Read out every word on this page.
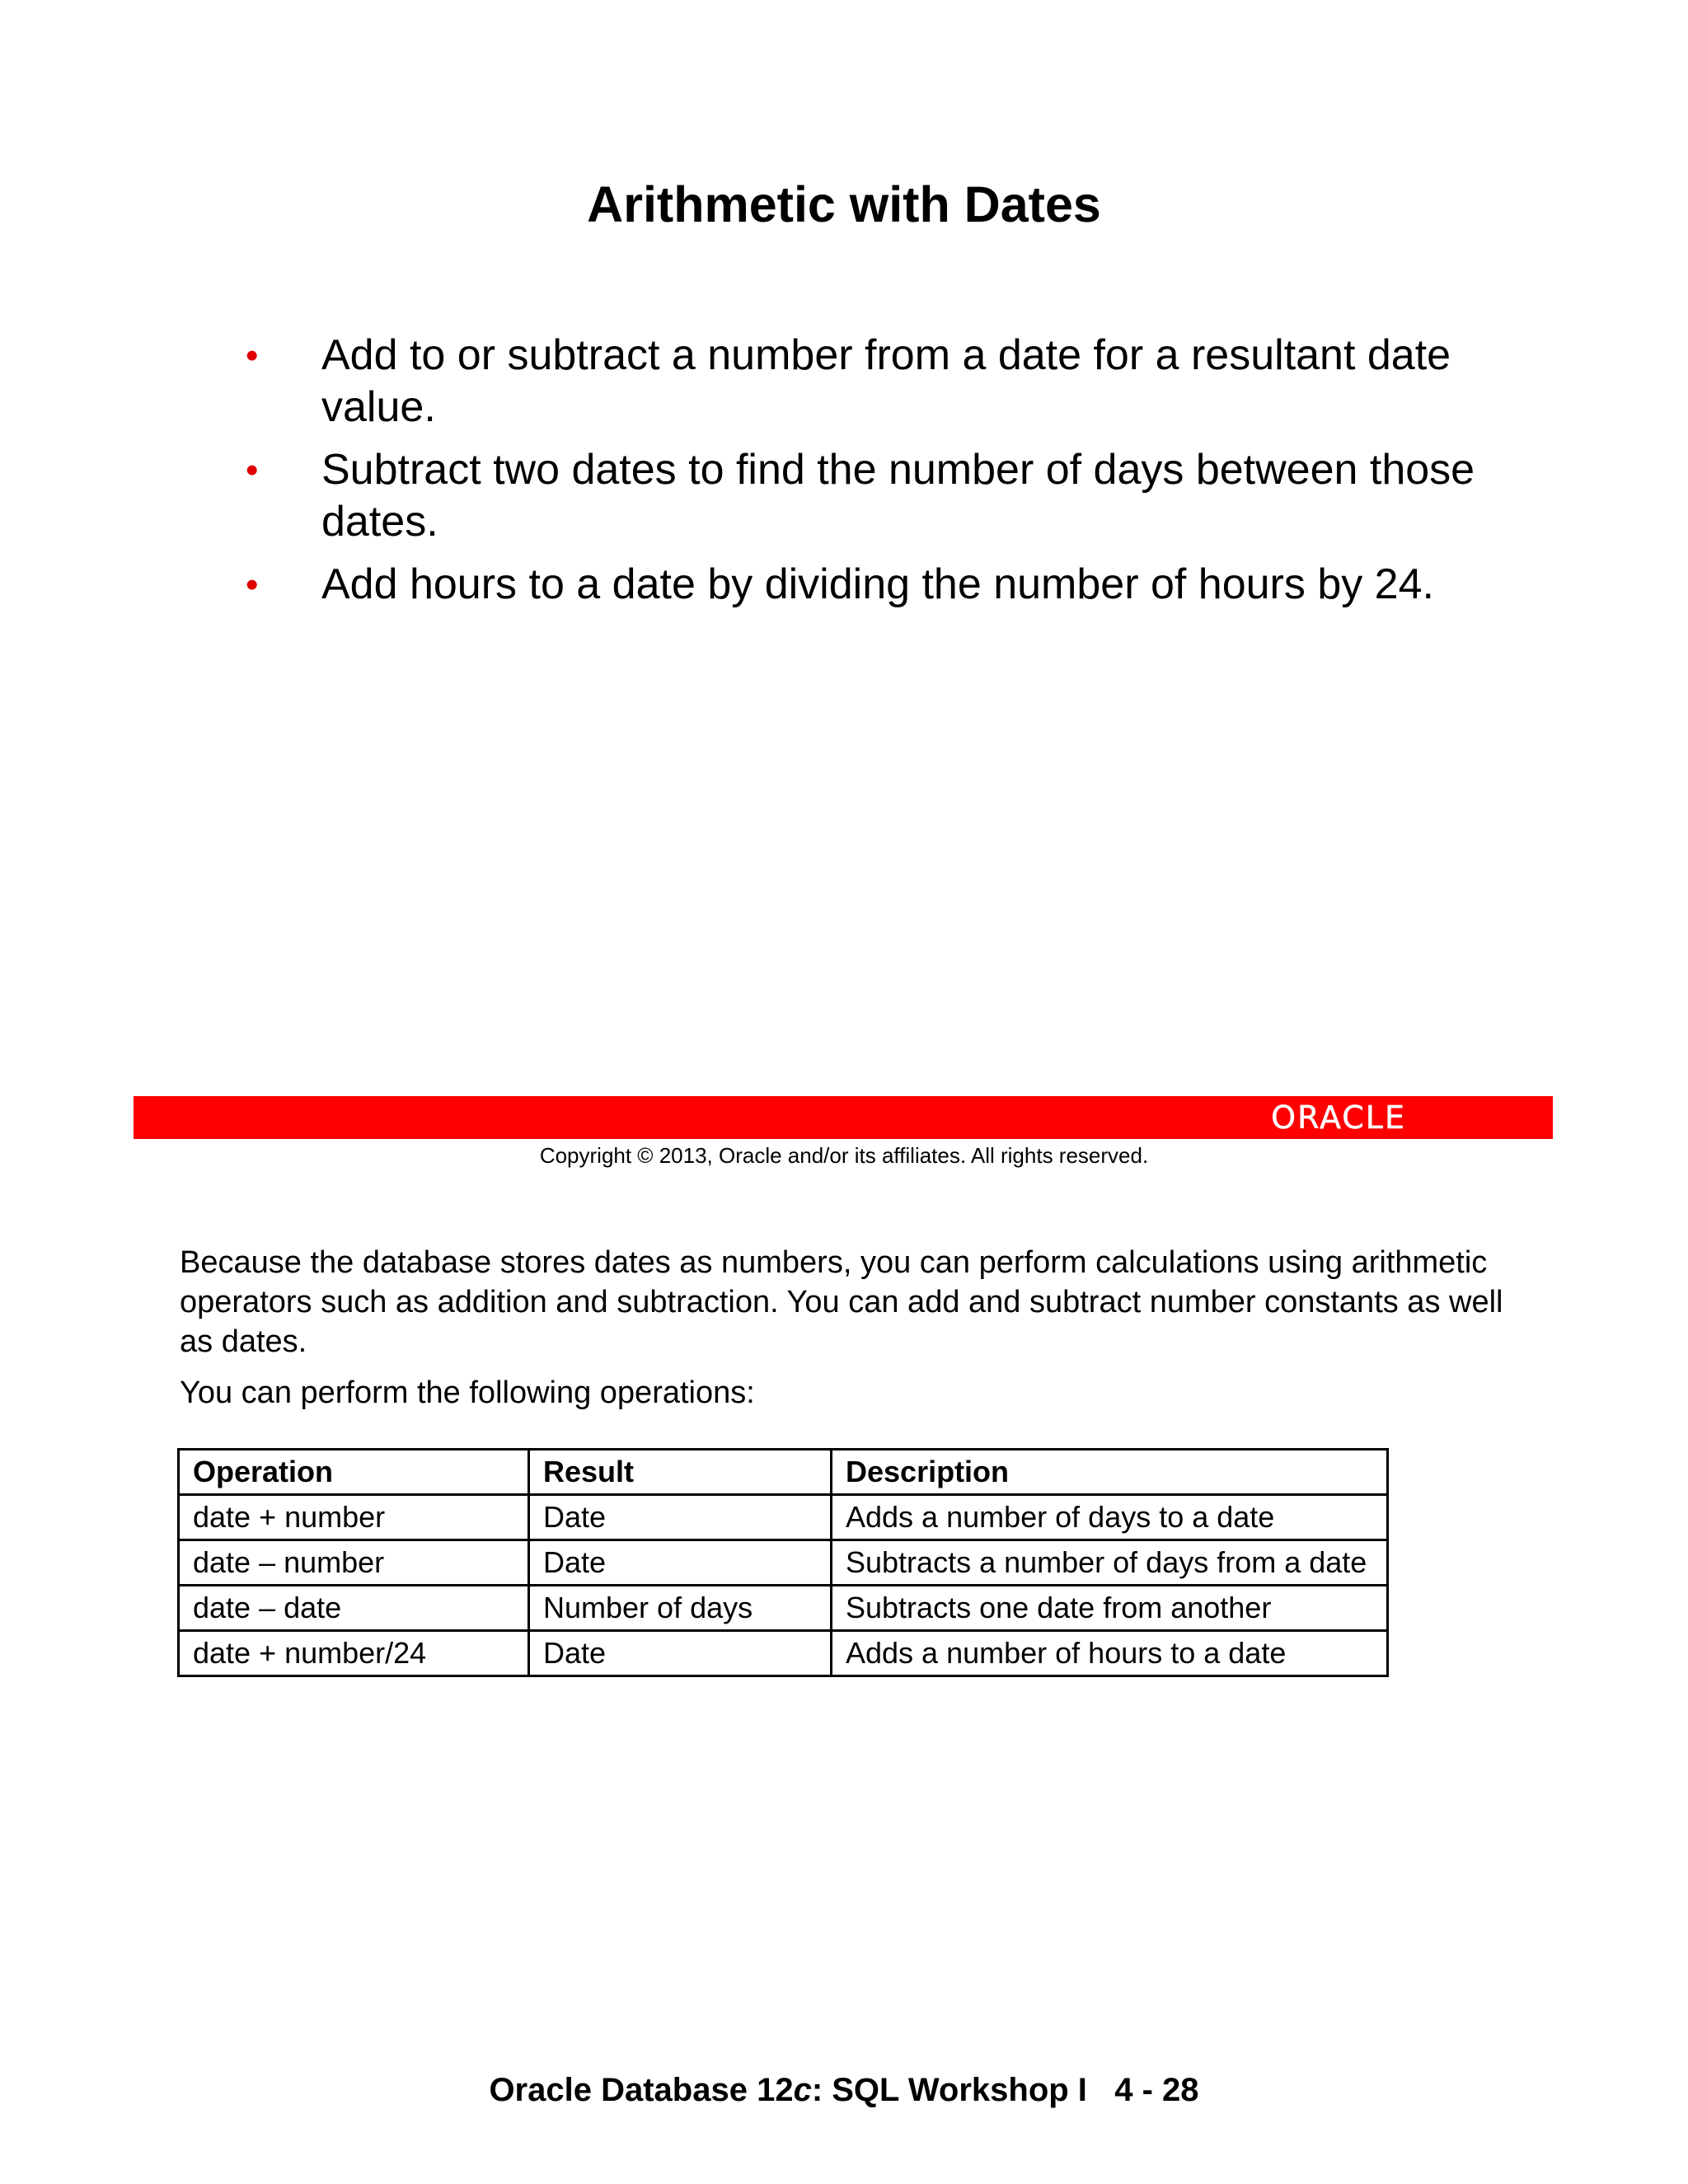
Arithmetic with Dates
• Add to or subtract a number from a date for a resultant date value.
• Subtract two dates to find the number of days between those dates.
• Add hours to a date by dividing the number of hours by 24.
ORACLE
Copyright © 2013, Oracle and/or its affiliates. All rights reserved.

Because the database stores dates as numbers, you can perform calculations using arithmetic operators such as addition and subtraction. You can add and subtract number constants as well as dates.

You can perform the following operations:

Operation	Result	Description
date + number	Date	Adds a number of days to a date
date – number	Date	Subtracts a number of days from a date
date – date	Number of days	Subtracts one date from another
date + number/24	Date	Adds a number of hours to a date
Oracle Database 12c: SQL Workshop I   4 - 28
